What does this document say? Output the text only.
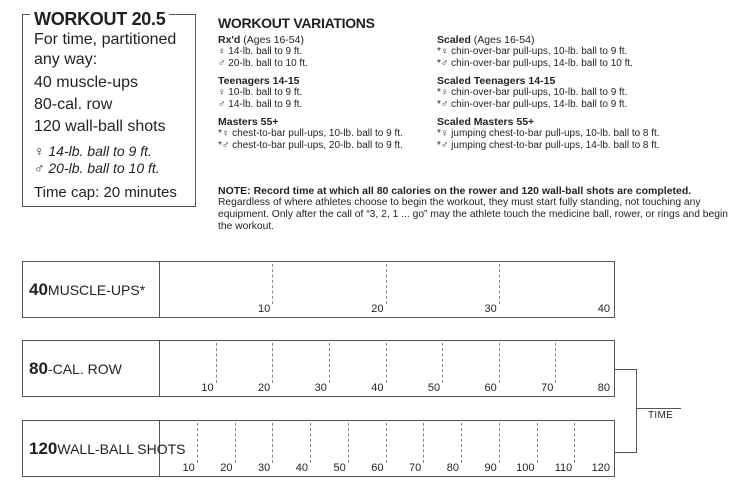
WORKOUT 20.5
For time, partitioned
any way:
40 muscle-ups
80-cal. row
120 wall-ball shots
♀ 14-lb. ball to 9 ft.
♂ 20-lb. ball to 10 ft.
Time cap: 20 minutes
WORKOUT VARIATIONS
Rx'd (Ages 16-54)
♀ 14-lb. ball to 9 ft.
♂ 20-lb. ball to 10 ft.
Teenagers 14-15
♀ 10-lb. ball to 9 ft.
♂ 14-lb. ball to 9 ft.
Masters 55+
*♀ chest-to-bar pull-ups, 10-lb. ball to 9 ft.
*♂ chest-to-bar pull-ups, 20-lb. ball to 9 ft.
Scaled (Ages 16-54)
*♀ chin-over-bar pull-ups, 10-lb. ball to 9 ft.
*♂ chin-over-bar pull-ups, 14-lb. ball to 10 ft.
Scaled Teenagers 14-15
*♀ chin-over-bar pull-ups, 10-lb. ball to 9 ft.
*♂ chin-over-bar pull-ups, 14-lb. ball to 9 ft.
Scaled Masters 55+
*♀ jumping chest-to-bar pull-ups, 10-lb. ball to 8 ft.
*♂ jumping chest-to-bar pull-ups, 14-lb. ball to 8 ft.
NOTE: Record time at which all 80 calories on the rower and 120 wall-ball shots are completed.
Regardless of where athletes choose to begin the workout, they must start fully standing, not touching any equipment. Only after the call of “3, 2, 1 ... go” may the athlete touch the medicine ball, rower, or rings and begin the workout.
40 MUSCLE-UPS*
10	20	30	40
80 -CAL. ROW
10	20	30	40	50	60	70	80
120 WALL-BALL SHOTS
10	20	30	40	50	60	70	80	90	100	110	120
TIME
